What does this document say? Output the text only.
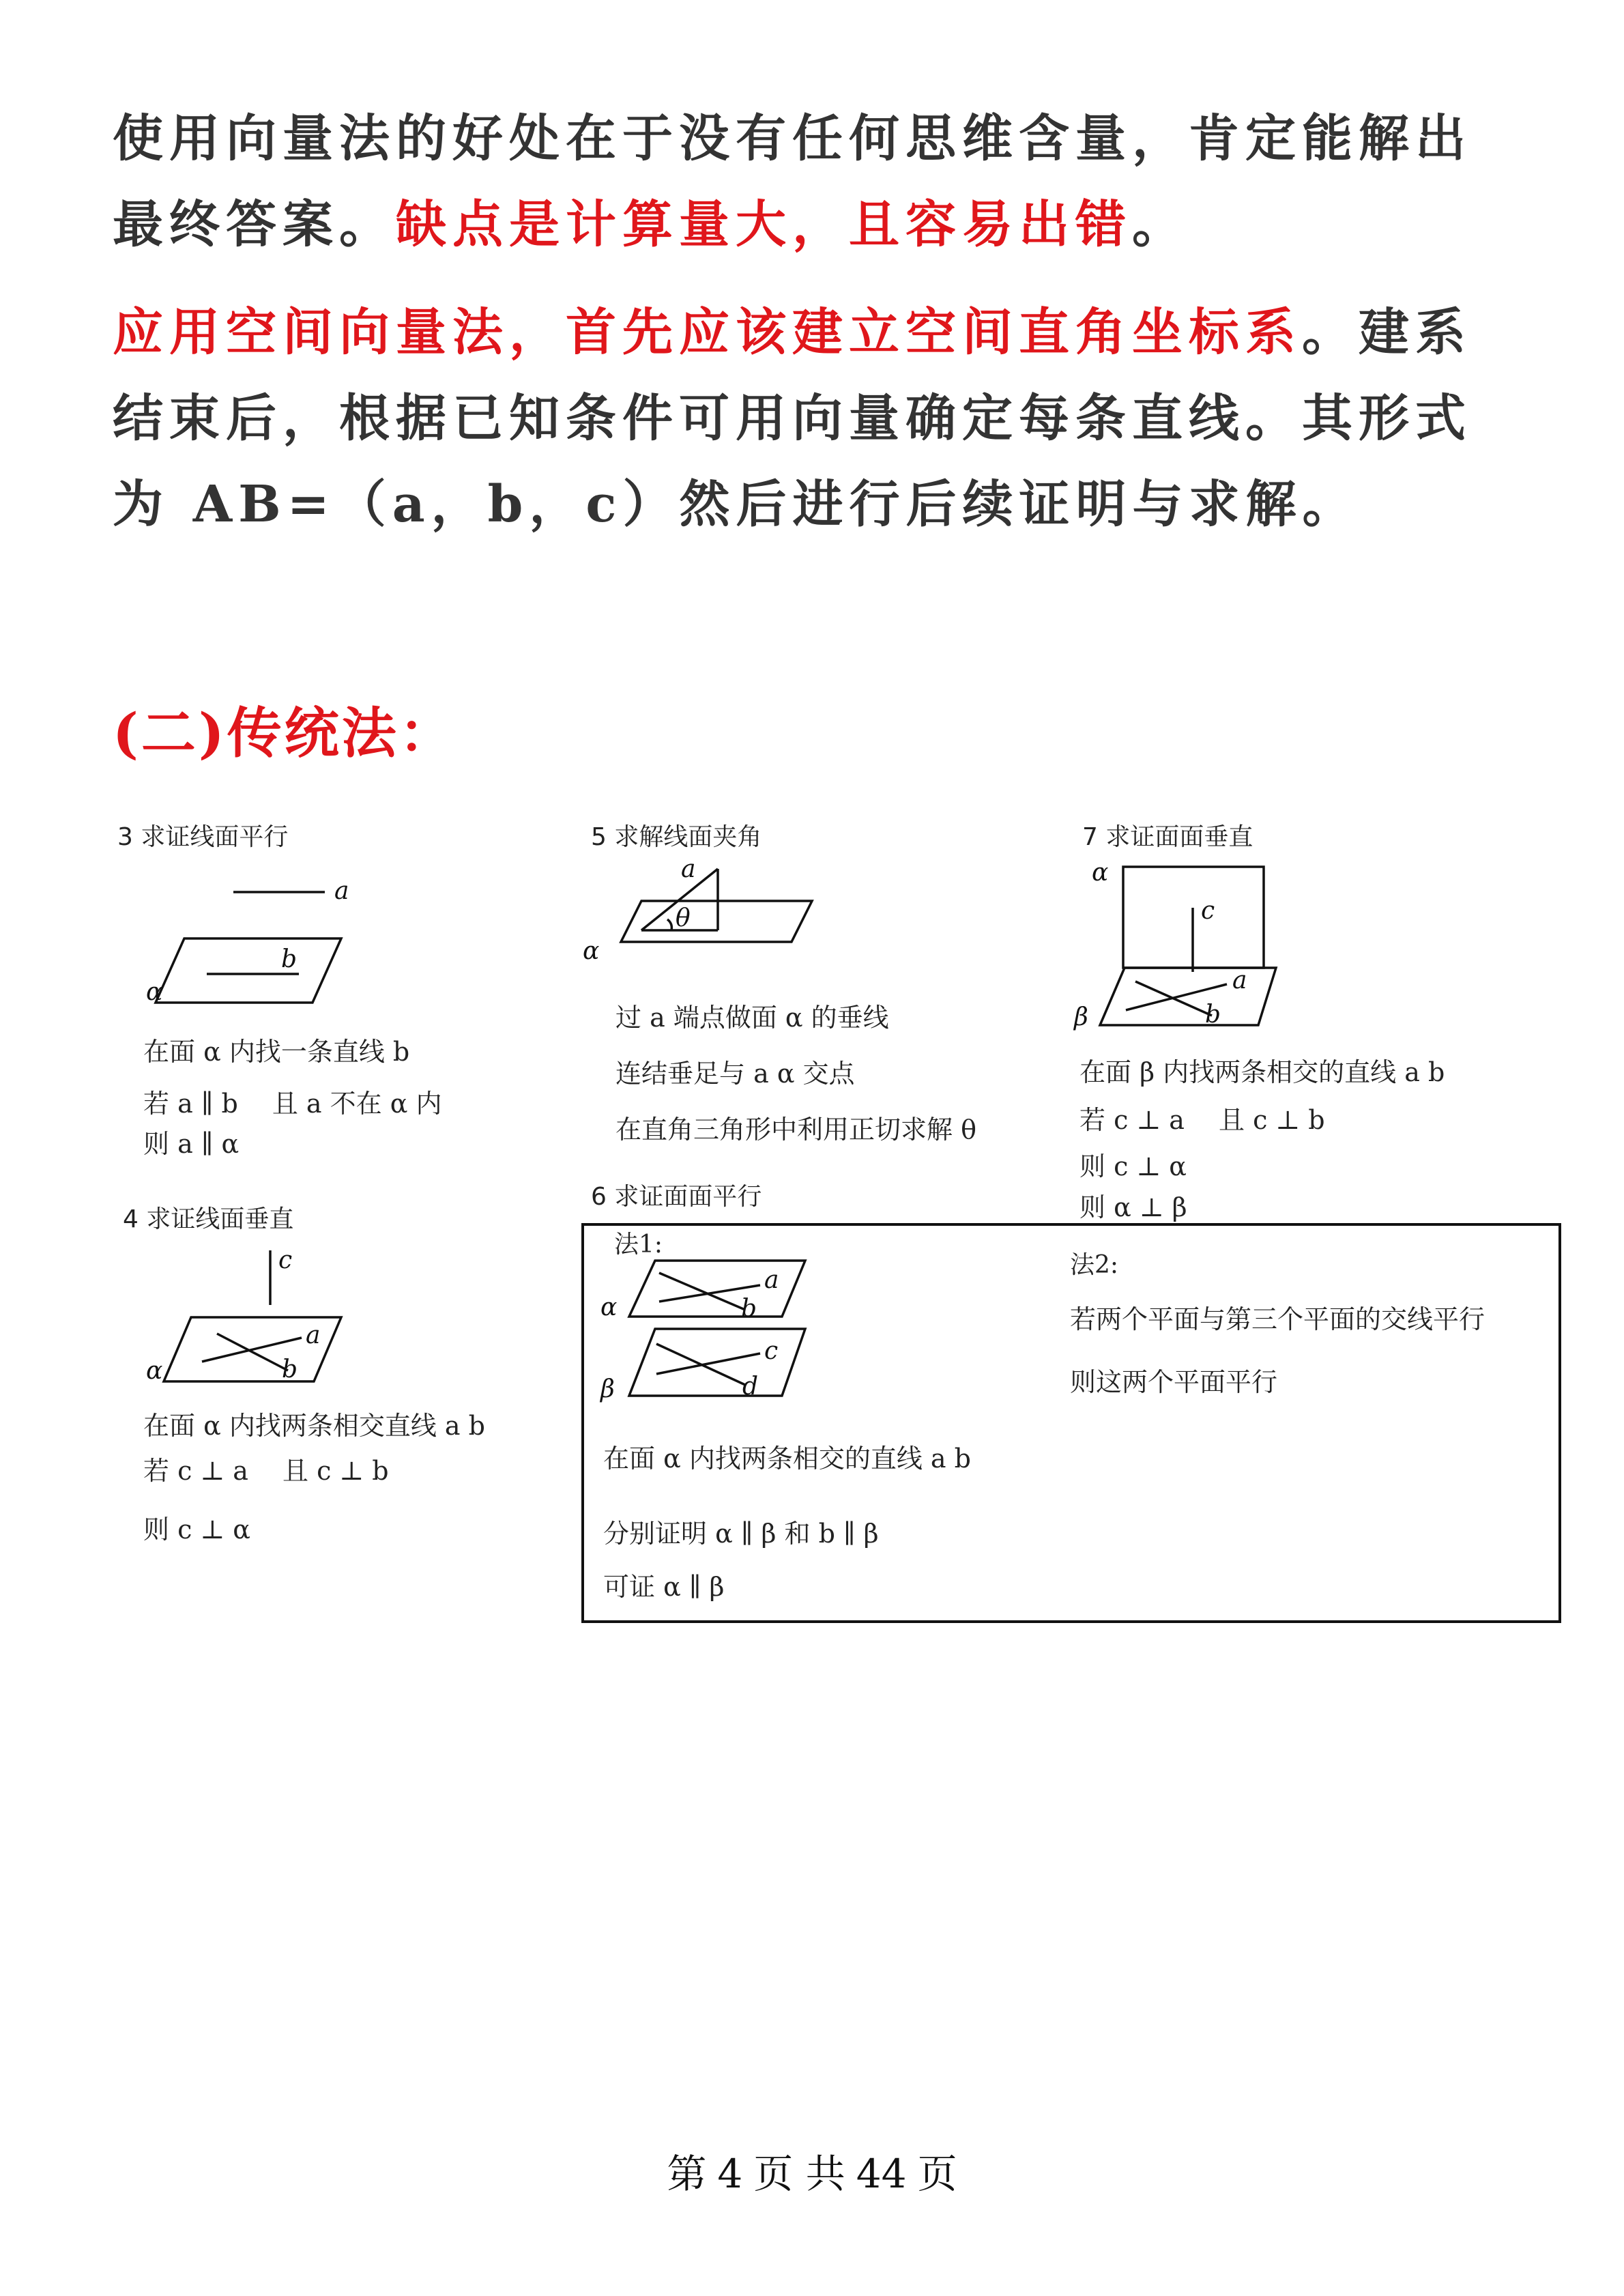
使用向量法的好处在于没有任何思维含量，肯定能解出最终答案。缺点是计算量大，且容易出错。

应用空间向量法，首先应该建立空间直角坐标系。建系结束后，根据已知条件可用向量确定每条直线。其形式为 AB=（a，b，c）然后进行后续证明与求解。

(二)传统法：
3 求证线面平行
a
b
α
在面 α 内找一条直线 b
若 a ∥ b　 且 a 不在 α 内
则 a ∥ α
4 求证线面垂直
c
a
b
α
在面 α 内找两条相交直线 a b
若 c ⊥ a　 且 c ⊥ b
则 c ⊥ α
5 求解线面夹角
a
θ
α
过 a 端点做面 α 的垂线
连结垂足与 a α 交点
在直角三角形中利用正切求解 θ
6 求证面面平行
法1:
法2:
a
b
α
c
d
β
在面 α 内找两条相交的直线 a b
分别证明 α ∥ β 和 b ∥ β
可证 α ∥ β
若两个平面与第三个平面的交线平行
则这两个平面平行
7 求证面面垂直
α
c
a
b
β
在面 β 内找两条相交的直线 a b
若 c ⊥ a　 且 c ⊥ b
则 c ⊥ α
则 α ⊥ β
第 4 页 共 44 页
